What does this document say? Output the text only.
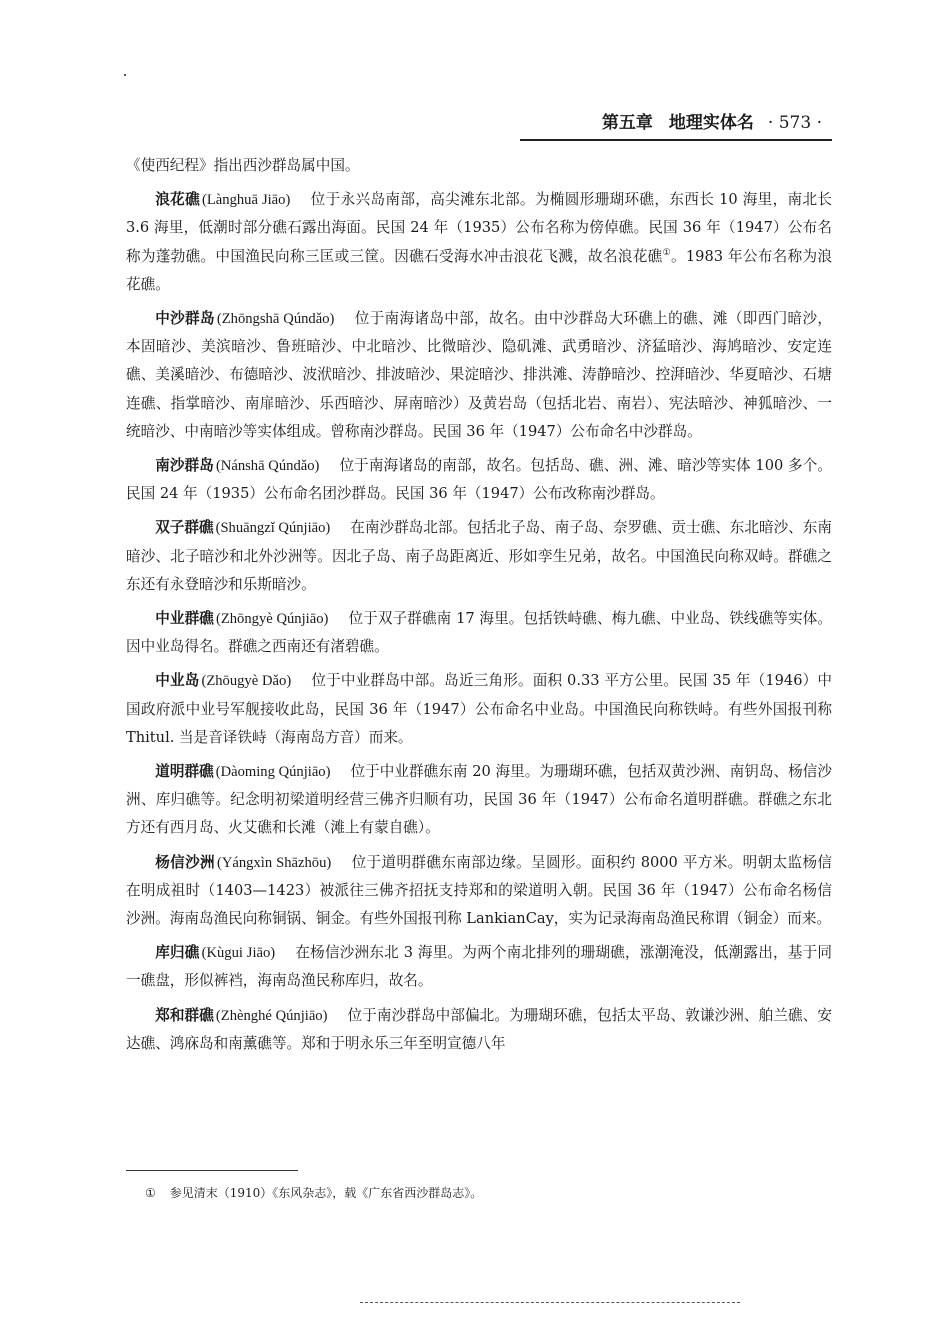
第五章 地理实体名 · 573 ·

《使西纪程》指出西沙群岛属中国。

浪花礁 (Lànghuā Jiāo) 位于永兴岛南部，高尖滩东北部。为椭圆形珊瑚环礁，东西长 10 海里，南北长 3.6 海里，低潮时部分礁石露出海面。民国 24 年（1935）公布名称为傍倬礁。民国 36 年（1947）公布名称为蓬勃礁。中国渔民向称三匡或三筐。因礁石受海水冲击浪花飞溅，故名浪花礁①。1983 年公布名称为浪花礁。

中沙群岛 (Zhōngshā Qúndǎo) 位于南海诸岛中部，故名。由中沙群岛大环礁上的礁、滩（即西门暗沙，本固暗沙、美滨暗沙、鲁班暗沙、中北暗沙、比微暗沙、隐矶滩、武勇暗沙、济猛暗沙、海鸠暗沙、安定连礁、美溪暗沙、布德暗沙、波洑暗沙、排波暗沙、果淀暗沙、排洪滩、涛静暗沙、控湃暗沙、华夏暗沙、石塘连礁、指掌暗沙、南扉暗沙、乐西暗沙、屏南暗沙）及黄岩岛（包括北岩、南岩）、宪法暗沙、神狐暗沙、一统暗沙、中南暗沙等实体组成。曾称南沙群岛。民国 36 年（1947）公布命名中沙群岛。

南沙群岛 (Nánshā Qúndǎo) 位于南海诸岛的南部，故名。包括岛、礁、洲、滩、暗沙等实体 100 多个。民国 24 年（1935）公布命名团沙群岛。民国 36 年（1947）公布改称南沙群岛。

双子群礁 (Shuāngzǐ Qúnjiāo) 在南沙群岛北部。包括北子岛、南子岛、奈罗礁、贡士礁、东北暗沙、东南暗沙、北子暗沙和北外沙洲等。因北子岛、南子岛距离近、形如孪生兄弟，故名。中国渔民向称双峙。群礁之东还有永登暗沙和乐斯暗沙。

中业群礁 (Zhōngyè Qúnjiāo) 位于双子群礁南 17 海里。包括铁峙礁、梅九礁、中业岛、铁线礁等实体。因中业岛得名。群礁之西南还有渚碧礁。

中业岛 (Zhōugyè Dǎo) 位于中业群岛中部。岛近三角形。面积 0.33 平方公里。民国 35 年（1946）中国政府派中业号军舰接收此岛，民国 36 年（1947）公布命名中业岛。中国渔民向称铁峙。有些外国报刊称 Thitul. 当是音译铁峙（海南岛方音）而来。

道明群礁 (Dàoming Qúnjiāo) 位于中业群礁东南 20 海里。为珊瑚环礁，包括双黄沙洲、南钥岛、杨信沙洲、库归礁等。纪念明初梁道明经营三佛齐归顺有功，民国 36 年（1947）公布命名道明群礁。群礁之东北方还有西月岛、火艾礁和长滩（滩上有蒙自礁）。

杨信沙洲 (Yángxìn Shāzhōu) 位于道明群礁东南部边缘。呈圆形。面积约 8000 平方米。明朝太监杨信在明成祖时（1403—1423）被派往三佛齐招抚支持郑和的梁道明入朝。民国 36 年（1947）公布命名杨信沙洲。海南岛渔民向称铜锅、铜金。有些外国报刊称 LankianCay，实为记录海南岛渔民称谓（铜金）而来。

库归礁 (Kùgui Jiāo) 在杨信沙洲东北 3 海里。为两个南北排列的珊瑚礁，涨潮淹没，低潮露出，基于同一礁盘，形似裤裆，海南岛渔民称库归，故名。

郑和群礁 (Zhènghé Qúnjiāo) 位于南沙群岛中部偏北。为珊瑚环礁，包括太平岛、敦谦沙洲、舶兰礁、安达礁、鸿庥岛和南薰礁等。郑和于明永乐三年至明宣德八年

① 参见清末（1910）《东风杂志》，载《广东省西沙群岛志》。
